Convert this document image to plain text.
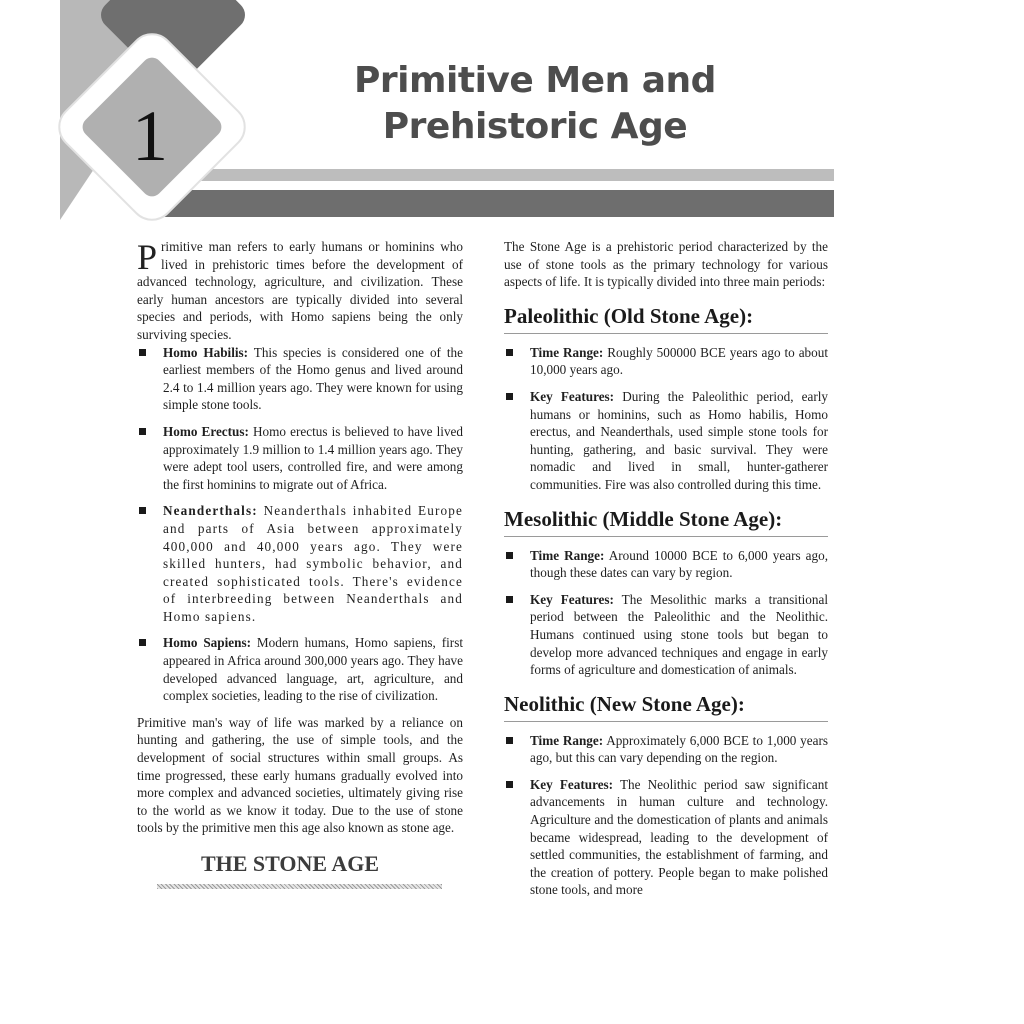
1
Primitive Men and
Prehistoric Age

Primitive man refers to early humans or hominins who lived in prehistoric times before the development of advanced technology, agriculture, and civilization. These early human ancestors are typically divided into several species and periods, with Homo sapiens being the only surviving species.

Homo Habilis: This species is considered one of the earliest members of the Homo genus and lived around 2.4 to 1.4 million years ago. They were known for using simple stone tools.
Homo Erectus: Homo erectus is believed to have lived approximately 1.9 million to 1.4 million years ago. They were adept tool users, controlled fire, and were among the first hominins to migrate out of Africa.
Neanderthals: Neanderthals inhabited Europe and parts of Asia between approximately 400,000 and 40,000 years ago. They were skilled hunters, had symbolic behavior, and created sophisticated tools. There's evidence of interbreeding between Neanderthals and Homo sapiens.
Homo Sapiens: Modern humans, Homo sapiens, first appeared in Africa around 300,000 years ago. They have developed advanced language, art, agriculture, and complex societies, leading to the rise of civilization.

Primitive man's way of life was marked by a reliance on hunting and gathering, the use of simple tools, and the development of social structures within small groups. As time progressed, these early humans gradually evolved into more complex and advanced societies, ultimately giving rise to the world as we know it today. Due to the use of stone tools by the primitive men this age also known as stone age.

THE STONE AGE

The Stone Age is a prehistoric period characterized by the use of stone tools as the primary technology for various aspects of life. It is typically divided into three main periods:

Paleolithic (Old Stone Age):
Time Range: Roughly 500000 BCE years ago to about 10,000 years ago.
Key Features: During the Paleolithic period, early humans or hominins, such as Homo habilis, Homo erectus, and Neanderthals, used simple stone tools for hunting, gathering, and basic survival. They were nomadic and lived in small, hunter-gatherer communities. Fire was also controlled during this time.
Mesolithic (Middle Stone Age):
Time Range: Around 10000 BCE to 6,000 years ago, though these dates can vary by region.
Key Features: The Mesolithic marks a transitional period between the Paleolithic and the Neolithic. Humans continued using stone tools but began to develop more advanced techniques and engage in early forms of agriculture and domestication of animals.
Neolithic (New Stone Age):
Time Range: Approximately 6,000 BCE to 1,000 years ago, but this can vary depending on the region.
Key Features: The Neolithic period saw significant advancements in human culture and technology. Agriculture and the domestication of plants and animals became widespread, leading to the development of settled communities, the establishment of farming, and the creation of pottery. People began to make polished stone tools, and more
